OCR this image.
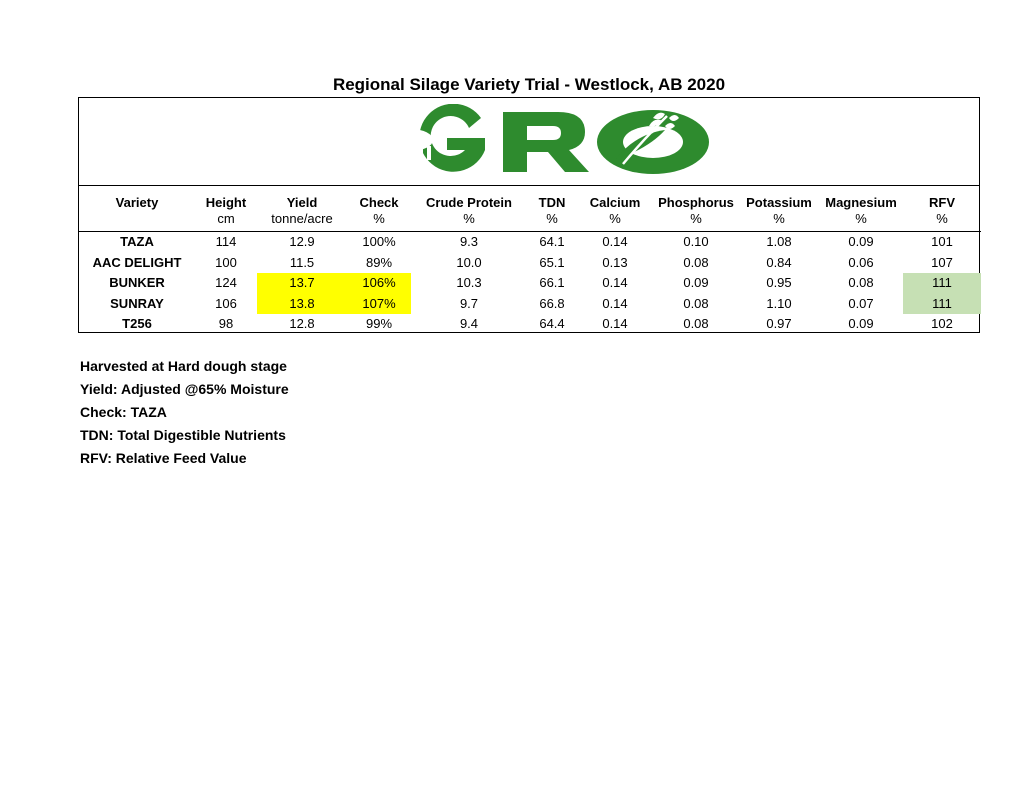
Regional Silage Variety Trial - Westlock, AB 2020
Variety	Height	Yield	Check	Crude Protein	TDN	Calcium	Phosphorus	Potassium	Magnesium	RFV
	cm	tonne/acre	%	%	%	%	%	%	%	%
TAZA	114	12.9	100%	9.3	64.1	0.14	0.10	1.08	0.09	101
AAC DELIGHT	100	11.5	89%	10.0	65.1	0.13	0.08	0.84	0.06	107
BUNKER	124	13.7	106%	10.3	66.1	0.14	0.09	0.95	0.08	111
SUNRAY	106	13.8	107%	9.7	66.8	0.14	0.08	1.10	0.07	111
T256	98	12.8	99%	9.4	64.4	0.14	0.08	0.97	0.09	102
Harvested at Hard dough stage
Yield: Adjusted @65% Moisture
Check: TAZA
TDN: Total Digestible Nutrients
RFV: Relative Feed Value
